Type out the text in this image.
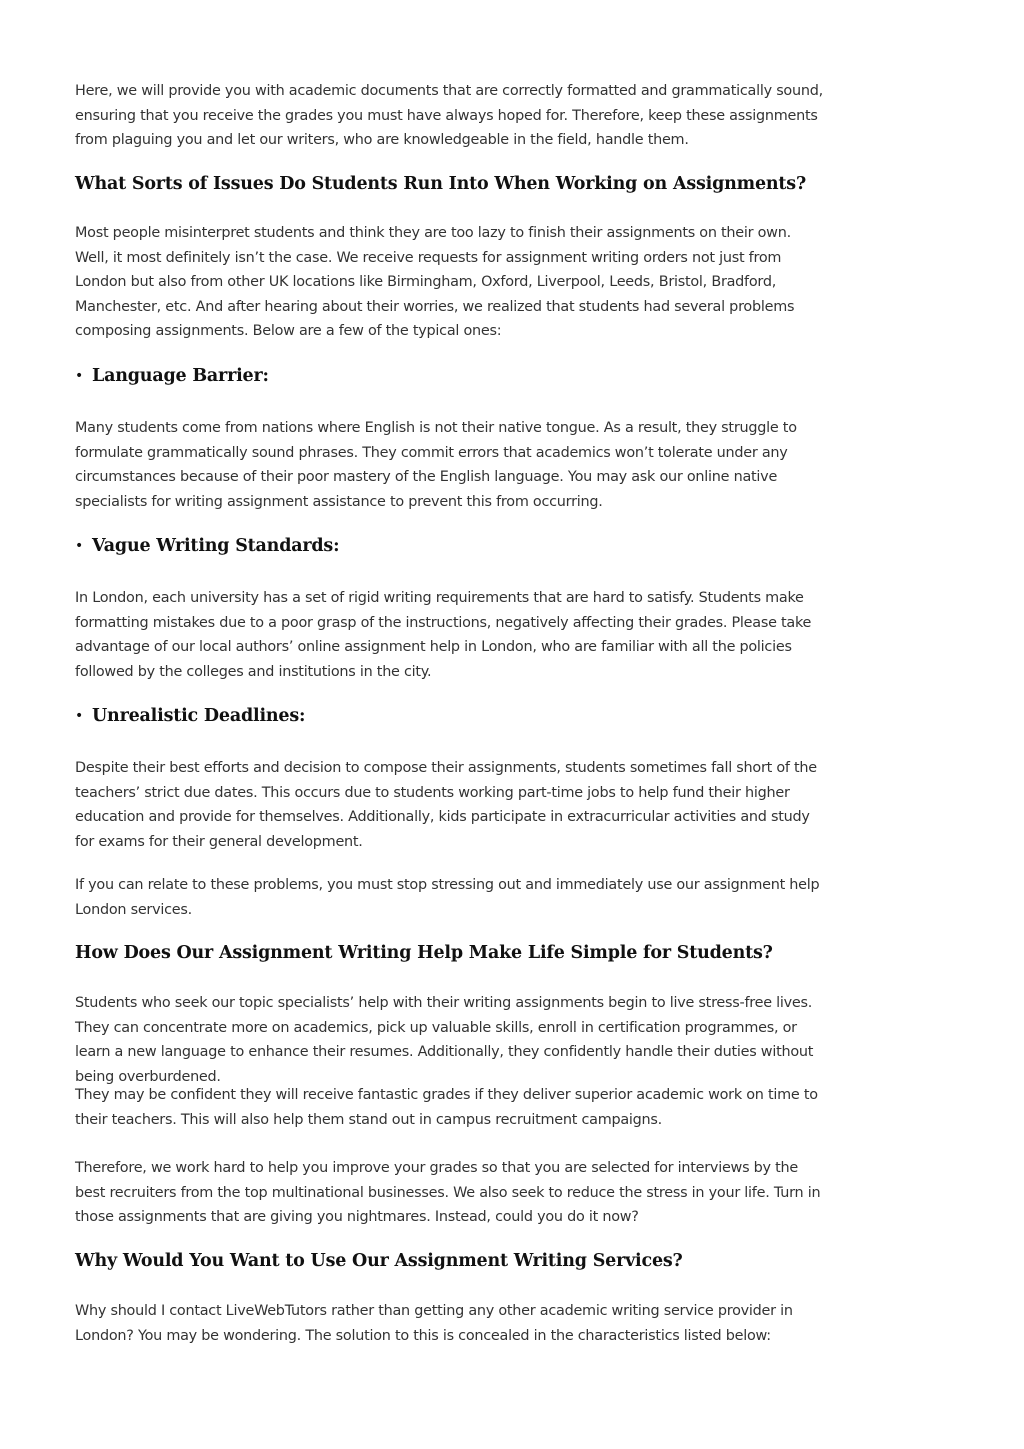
Here, we will provide you with academic documents that are correctly formatted and grammatically sound, ensuring that you receive the grades you must have always hoped for. Therefore, keep these assignments from plaguing you and let our writers, who are knowledgeable in the field, handle them.

What Sorts of Issues Do Students Run Into When Working on Assignments?

Most people misinterpret students and think they are too lazy to finish their assignments on their own. Well, it most definitely isn’t the case. We receive requests for assignment writing orders not just from London but also from other UK locations like Birmingham, Oxford, Liverpool, Leeds, Bristol, Bradford, Manchester, etc. And after hearing about their worries, we realized that students had several problems composing assignments. Below are a few of the typical ones:

• Language Barrier:

Many students come from nations where English is not their native tongue. As a result, they struggle to formulate grammatically sound phrases. They commit errors that academics won’t tolerate under any circumstances because of their poor mastery of the English language. You may ask our online native specialists for writing assignment assistance to prevent this from occurring.

• Vague Writing Standards:

In London, each university has a set of rigid writing requirements that are hard to satisfy. Students make formatting mistakes due to a poor grasp of the instructions, negatively affecting their grades. Please take advantage of our local authors’ online assignment help in London, who are familiar with all the policies followed by the colleges and institutions in the city.

• Unrealistic Deadlines:

Despite their best efforts and decision to compose their assignments, students sometimes fall short of the teachers’ strict due dates. This occurs due to students working part-time jobs to help fund their higher education and provide for themselves. Additionally, kids participate in extracurricular activities and study for exams for their general development.

If you can relate to these problems, you must stop stressing out and immediately use our assignment help London services.

How Does Our Assignment Writing Help Make Life Simple for Students?

Students who seek our topic specialists’ help with their writing assignments begin to live stress-free lives. They can concentrate more on academics, pick up valuable skills, enroll in certification programmes, or learn a new language to enhance their resumes. Additionally, they confidently handle their duties without being overburdened.

They may be confident they will receive fantastic grades if they deliver superior academic work on time to their teachers. This will also help them stand out in campus recruitment campaigns.

Therefore, we work hard to help you improve your grades so that you are selected for interviews by the best recruiters from the top multinational businesses. We also seek to reduce the stress in your life. Turn in those assignments that are giving you nightmares. Instead, could you do it now?

Why Would You Want to Use Our Assignment Writing Services?

Why should I contact LiveWebTutors rather than getting any other academic writing service provider in London? You may be wondering. The solution to this is concealed in the characteristics listed below:
